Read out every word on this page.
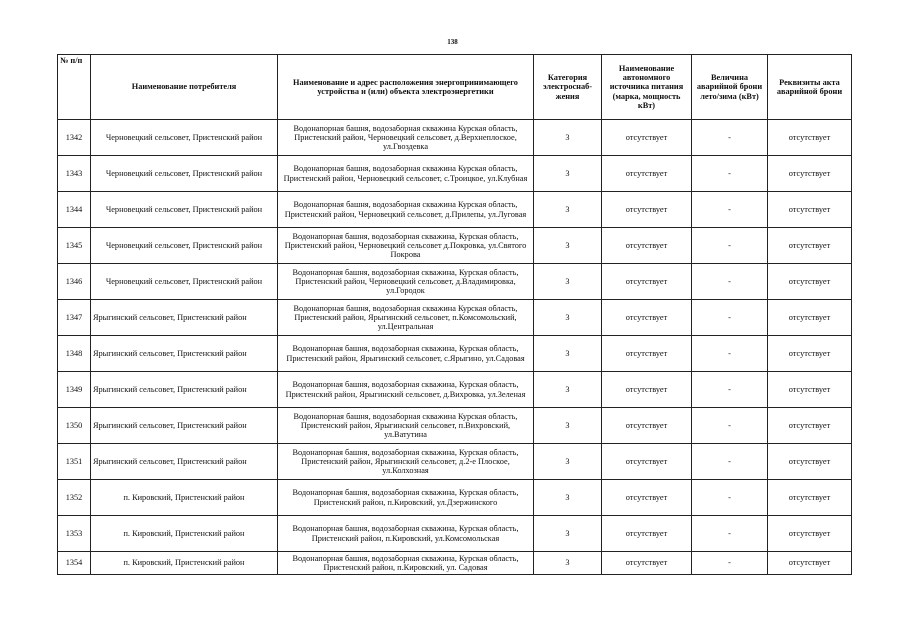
138
№ п/п	Наименование потребителя	Наименование и адрес расположения энергопринимающего устройства и (или) объекта электроэнергетики	Категория электроснаб-жения	Наименование автономного источника питания (марка, мощность кВт)	Величина аварийной брони лето/зима (кВт)	Реквизиты акта аварийной брони
1342	Черновецкий сельсовет, Пристенский район	Водонапорная башня, водозаборная скважина Курская область, Пристенский район, Черновецкий сельсовет, д.Верхнеплоское, ул.Гвоздевка	3	отсутствует	-	отсутствует
1343	Черновецкий сельсовет, Пристенский район	Водонапорная башня, водозаборная скважина Курская область, Пристенский район, Черновецкий сельсовет, с.Троицкое, ул.Клубная	3	отсутствует	-	отсутствует
1344	Черновецкий сельсовет, Пристенский район	Водонапорная башня, водозаборная скважина Курская область, Пристенский район, Черновецкий сельсовет, д.Прилепы, ул.Луговая	3	отсутствует	-	отсутствует
1345	Черновецкий сельсовет, Пристенский район	Водонапорная башня, водозаборная скважина, Курская область, Пристенский район, Черновецкий сельсовет д.Покровка, ул.Святого Покрова	3	отсутствует	-	отсутствует
1346	Черновецкий сельсовет, Пристенский район	Водонапорная башня, водозаборная скважина, Курская область, Пристенский район, Черновецкий сельсовет, д.Владимировка, ул.Городок	3	отсутствует	-	отсутствует
1347	Ярыгинский сельсовет, Пристенский район	Водонапорная башня, водозаборная скважина Курская область, Пристенский район, Ярыгинский сельсовет, п.Комсомольский, ул.Центральная	3	отсутствует	-	отсутствует
1348	Ярыгинский сельсовет, Пристенский район	Водонапорная башня, водозаборная скважина, Курская область, Пристенский район, Ярыгинский сельсовет, с.Ярыгино, ул.Садовая	3	отсутствует	-	отсутствует
1349	Ярыгинский сельсовет, Пристенский район	Водонапорная башня, водозаборная скважина, Курская область, Пристенский район, Ярыгинский сельсовет, д.Вихровка, ул.Зеленая	3	отсутствует	-	отсутствует
1350	Ярыгинский сельсовет, Пристенский район	Водонапорная башня, водозаборная скважина Курская область, Пристенский район, Ярыгинский сельсовет, п.Вихровский, ул.Ватутина	3	отсутствует	-	отсутствует
1351	Ярыгинский сельсовет, Пристенский район	Водонапорная башня, водозаборная скважина, Курская область, Пристенский район, Ярыгинский сельсовет, д.2-е Плоское, ул.Колхозная	3	отсутствует	-	отсутствует
1352	п. Кировский, Пристенский район	Водонапорная башня, водозаборная скважина, Курская область, Пристенский район, п.Кировский, ул.Дзержинского	3	отсутствует	-	отсутствует
1353	п. Кировский, Пристенский район	Водонапорная башня, водозаборная скважина, Курская область, Пристенский район, п.Кировский, ул.Комсомольская	3	отсутствует	-	отсутствует
1354	п. Кировский, Пристенский район	Водонапорная башня, водозаборная скважина, Курская область, Пристенский район, п.Кировский, ул. Садовая	3	отсутствует	-	отсутствует
